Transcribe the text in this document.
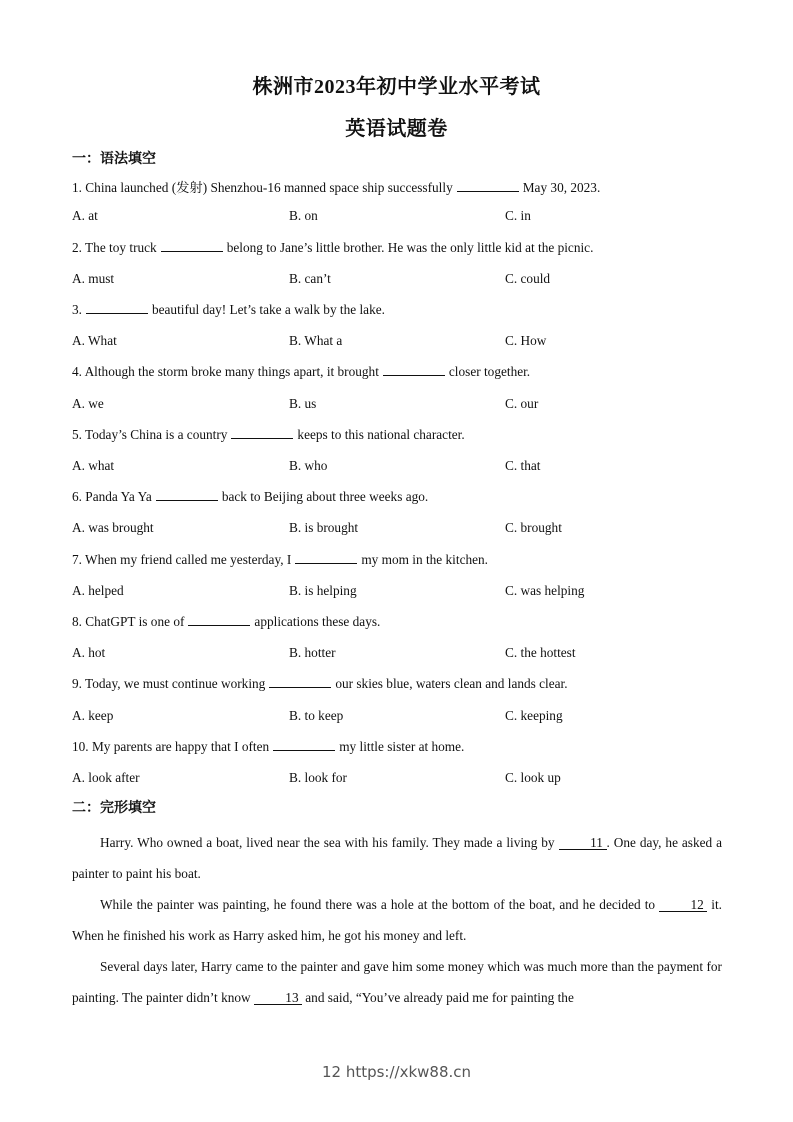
株洲市2023年初中学业水平考试
英语试题卷
一：语法填空
1. China launched (发射) Shenzhou-16 manned space ship successfully	May 30, 2023.
A. at	B. on	C. in
2. The toy truck	belong to Jane’s little brother. He was the only little kid at the picnic.
A. must	B. can’t	C. could
3.	beautiful day! Let’s take a walk by the lake.
A. What	B. What a	C. How
4. Although the storm broke many things apart, it brought	closer together.
A. we	B. us	C. our
5. Today’s China is a country	keeps to this national character.
A. what	B. who	C. that
6. Panda Ya Ya	back to Beijing about three weeks ago.
A. was brought	B. is brought	C. brought
7. When my friend called me yesterday, I	my mom in the kitchen.
A. helped	B. is helping	C. was helping
8. ChatGPT is one of	applications these days.
A. hot	B. hotter	C. the hottest
9. Today, we must continue working	our skies blue, waters clean and lands clear.
A. keep	B. to keep	C. keeping
10. My parents are happy that I often	my little sister at home.
A. look after	B. look for	C. look up
二：完形填空
Harry. Who owned a boat, lived near the sea with his family. They made a living by	11 . One day, he asked a painter to paint his boat.
While the painter was painting, he found there was a hole at the bottom of the boat, and he decided to	12 it. When he finished his work as Harry asked him, he got his money and left.
Several days later, Harry came to the painter and gave him some money which was much more than the payment for painting. The painter didn’t know	13 and said, “You’ve already paid me for painting the
12 https://xkw88.cn
